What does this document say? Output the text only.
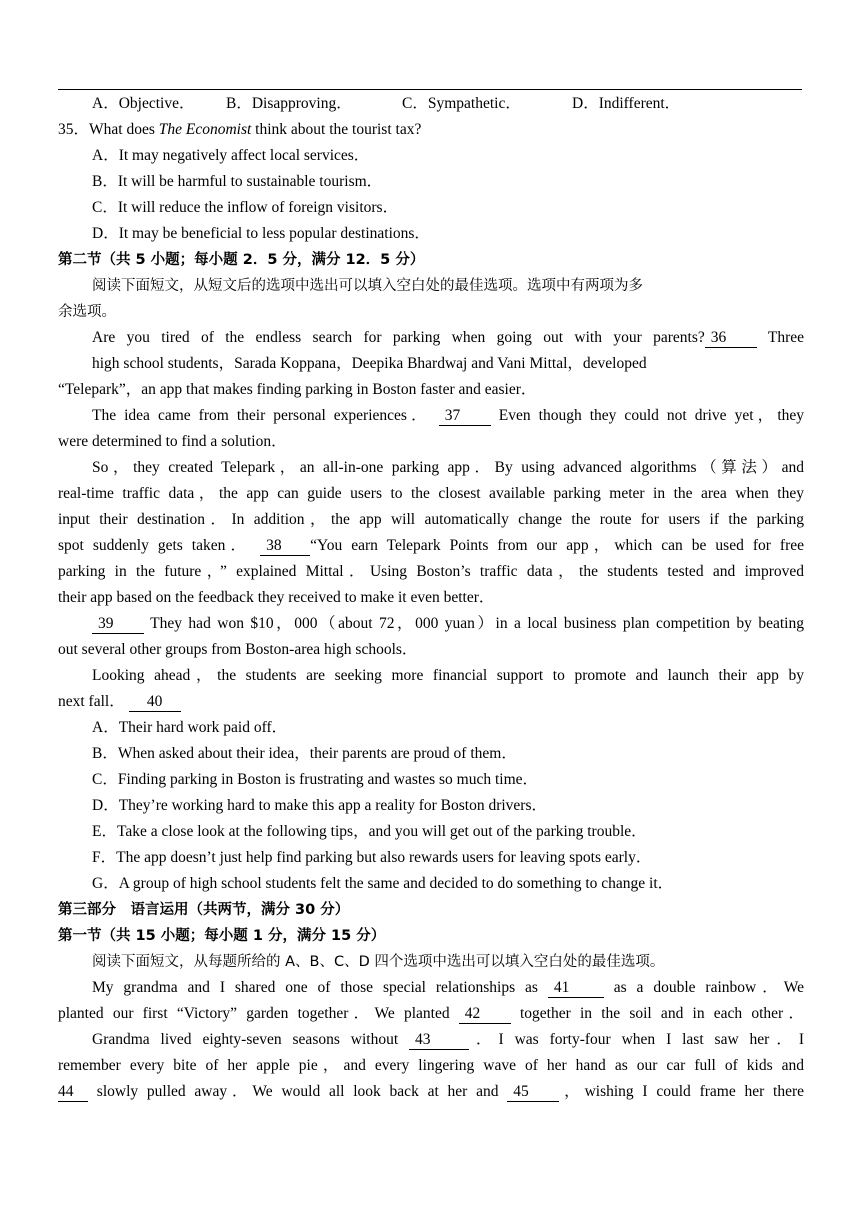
A．Objective． B．Disapproving．	C．Sympathetic．	D．Indifferent．
35．What does The Economist think about the tourist tax?
A．It may negatively affect local services．
B．It will be harmful to sustainable tourism．
C．It will reduce the inflow of foreign visitors．
D．It may be beneficial to less popular destinations．
第二节（共 5 小题；每小题 2．5 分，满分 12．5 分）
阅读下面短文，从短文后的选项中选出可以填入空白处的最佳选项。选项中有两项为多
余选项。
Are you tired of the endless search for parking when going out with your parents? 36	Three
high school students，Sarada Koppana，Deepika Bhardwaj and Vani Mittal，developed
“Telepark”，an app that makes finding parking in Boston faster and easier．
The idea came from their personal experiences． 37 Even though they could not drive yet，they
were determined to find a solution．
So，they created Telepark，an all-in-one parking app．By using advanced algorithms（算法）and
real-time traffic data，the app can guide users to the closest available parking meter in the area when they
input their destination．In addition，the app will automatically change the route for users if the parking
spot suddenly gets taken． 38 “You earn Telepark Points from our app，which can be used for free
parking in the future，” explained Mittal．Using Boston’s traffic data，the students tested and improved
their app based on the feedback they received to make it even better．
39 They had won $10，000（about 72，000 yuan）in a local business plan competition by beating
out several other groups from Boston-area high schools．
Looking ahead，the students are seeking more financial support to promote and launch their app by
next fall． 40
A．Their hard work paid off．
B．When asked about their idea，their parents are proud of them．
C．Finding parking in Boston is frustrating and wastes so much time．
D．They’re working hard to make this app a reality for Boston drivers．
E．Take a close look at the following tips，and you will get out of the parking trouble．
F．The app doesn’t just help find parking but also rewards users for leaving spots early．
G．A group of high school students felt the same and decided to do something to change it．
第三部分　语言运用（共两节，满分 30 分）
第一节（共 15 小题；每小题 1 分，满分 15 分）
阅读下面短文，从每题所给的 A、B、C、D 四个选项中选出可以填入空白处的最佳选项。
My grandma and I shared one of those special relationships as 41	as a double rainbow．We
planted our first “Victory” garden together．We planted 42	together in the soil and in each other．
Grandma lived eighty-seven seasons without 43 ．I was forty-four when I last saw her．I
remember every bite of her apple pie，and every lingering wave of her hand as our car full of kids and
44 slowly pulled away．We would all look back at her and 45 ，wishing I could frame her there
